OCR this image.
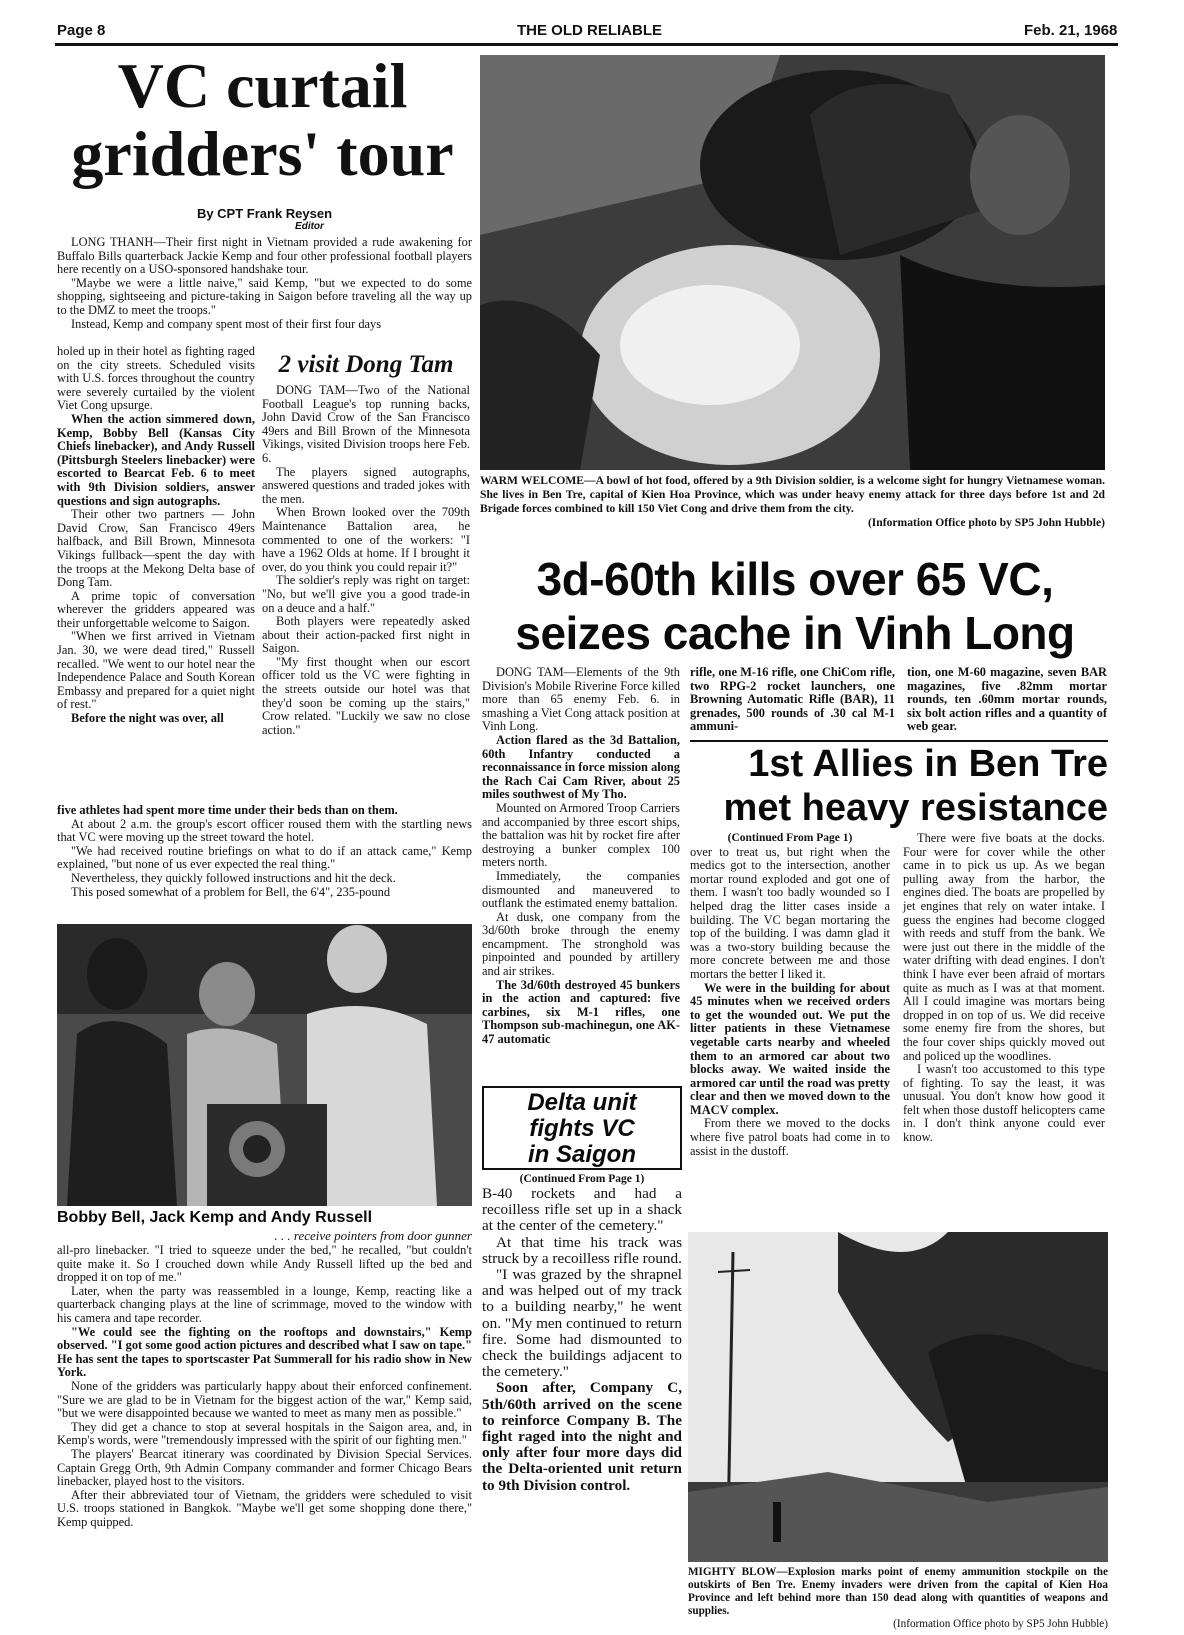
Page 8	THE OLD RELIABLE	Feb. 21, 1968
VC curtail
gridders' tour
By CPT Frank Reysen
Editor

LONG THANH—Their first night in Vietnam provided a rude awakening for Buffalo Bills quarterback Jackie Kemp and four other professional football players here recently on a USO-sponsored handshake tour.

"Maybe we were a little naive," said Kemp, "but we expected to do some shopping, sightseeing and picture-taking in Saigon before traveling all the way up to the DMZ to meet the troops."

Instead, Kemp and company spent most of their first four days

holed up in their hotel as fighting raged on the city streets. Scheduled visits with U.S. forces throughout the country were severely curtailed by the violent Viet Cong upsurge.

When the action simmered down, Kemp, Bobby Bell (Kansas City Chiefs linebacker), and Andy Russell (Pittsburgh Steelers linebacker) were escorted to Bearcat Feb. 6 to meet with 9th Division soldiers, answer questions and sign autographs.

Their other two partners — John David Crow, San Francisco 49ers halfback, and Bill Brown, Minnesota Vikings fullback—spent the day with the troops at the Mekong Delta base of Dong Tam.

A prime topic of conversation wherever the gridders appeared was their unforgettable welcome to Saigon.

"When we first arrived in Vietnam Jan. 30, we were dead tired," Russell recalled. "We went to our hotel near the Independence Palace and South Korean Embassy and prepared for a quiet night of rest."

Before the night was over, all

2 visit Dong Tam

DONG TAM—Two of the National Football League's top running backs, John David Crow of the San Francisco 49ers and Bill Brown of the Minnesota Vikings, visited Division troops here Feb. 6.

The players signed autographs, answered questions and traded jokes with the men.

When Brown looked over the 709th Maintenance Battalion area, he commented to one of the workers: "I have a 1962 Olds at home. If I brought it over, do you think you could repair it?"

The soldier's reply was right on target: "No, but we'll give you a good trade-in on a deuce and a half."

Both players were repeatedly asked about their action-packed first night in Saigon.

"My first thought when our escort officer told us the VC were fighting in the streets outside our hotel was that they'd soon be coming up the stairs," Crow related. "Luckily we saw no close action."

five athletes had spent more time under their beds than on them.

At about 2 a.m. the group's escort officer roused them with the startling news that VC were moving up the street toward the hotel.

"We had received routine briefings on what to do if an attack came," Kemp explained, "but none of us ever expected the real thing."

Nevertheless, they quickly followed instructions and hit the deck.

This posed somewhat of a problem for Bell, the 6'4", 235-pound

Bobby Bell, Jack Kemp and Andy Russell
. . . receive pointers from door gunner

all-pro linebacker. "I tried to squeeze under the bed," he recalled, "but couldn't quite make it. So I crouched down while Andy Russell lifted up the bed and dropped it on top of me."

Later, when the party was reassembled in a lounge, Kemp, reacting like a quarterback changing plays at the line of scrimmage, moved to the window with his camera and tape recorder.

"We could see the fighting on the rooftops and downstairs," Kemp observed. "I got some good action pictures and described what I saw on tape." He has sent the tapes to sportscaster Pat Summerall for his radio show in New York.

None of the gridders was particularly happy about their enforced confinement. "Sure we are glad to be in Vietnam for the biggest action of the war," Kemp said, "but we were disappointed because we wanted to meet as many men as possible."

They did get a chance to stop at several hospitals in the Saigon area, and, in Kemp's words, were "tremendously impressed with the spirit of our fighting men."

The players' Bearcat itinerary was coordinated by Division Special Services. Captain Gregg Orth, 9th Admin Company commander and former Chicago Bears linebacker, played host to the visitors.

After their abbreviated tour of Vietnam, the gridders were scheduled to visit U.S. troops stationed in Bangkok. "Maybe we'll get some shopping done there," Kemp quipped.

WARM WELCOME—A bowl of hot food, offered by a 9th Division soldier, is a welcome sight for hungry Vietnamese woman. She lives in Ben Tre, capital of Kien Hoa Province, which was under heavy enemy attack for three days before 1st and 2d Brigade forces combined to kill 150 Viet Cong and drive them from the city.
(Information Office photo by SP5 John Hubble)
3d-60th kills over 65 VC,
seizes cache in Vinh Long

DONG TAM—Elements of the 9th Division's Mobile Riverine Force killed more than 65 enemy Feb. 6. in smashing a Viet Cong attack position at Vinh Long.

Action flared as the 3d Battalion, 60th Infantry conducted a reconnaissance in force mission along the Rach Cai Cam River, about 25 miles southwest of My Tho.

Mounted on Armored Troop Carriers and accompanied by three escort ships, the battalion was hit by rocket fire after destroying a bunker complex 100 meters north.

Immediately, the companies dismounted and maneuvered to outflank the estimated enemy battalion.

At dusk, one company from the 3d/60th broke through the enemy encampment. The stronghold was pinpointed and pounded by artillery and air strikes.

The 3d/60th destroyed 45 bunkers in the action and captured: five carbines, six M-1 rifles, one Thompson sub-machinegun, one AK-47 automatic

rifle, one M-16 rifle, one ChiCom rifle, two RPG-2 rocket launchers, one Browning Automatic Rifle (BAR), 11 grenades, 500 rounds of .30 cal M-1 ammuni-

tion, one M-60 magazine, seven BAR magazines, five .82mm mortar rounds, ten .60mm mortar rounds, six bolt action rifles and a quantity of web gear.

1st Allies in Ben Tre
met heavy resistance
(Continued From Page 1)

over to treat us, but right when the medics got to the intersection, another mortar round exploded and got one of them. I wasn't too badly wounded so I helped drag the litter cases inside a building. The VC began mortaring the top of the building. I was damn glad it was a two-story building because the more concrete between me and those mortars the better I liked it.

We were in the building for about 45 minutes when we received orders to get the wounded out. We put the litter patients in these Vietnamese vegetable carts nearby and wheeled them to an armored car about two blocks away. We waited inside the armored car until the road was pretty clear and then we moved down to the MACV complex.

From there we moved to the docks where five patrol boats had come in to assist in the dustoff.

There were five boats at the docks. Four were for cover while the other came in to pick us up. As we began pulling away from the harbor, the engines died. The boats are propelled by jet engines that rely on water intake. I guess the engines had become clogged with reeds and stuff from the bank. We were just out there in the middle of the water drifting with dead engines. I don't think I have ever been afraid of mortars quite as much as I was at that moment. All I could imagine was mortars being dropped in on top of us. We did receive some enemy fire from the shores, but the four cover ships quickly moved out and policed up the woodlines.

I wasn't too accustomed to this type of fighting. To say the least, it was unusual. You don't know how good it felt when those dustoff helicopters came in. I don't think anyone could ever know.

Delta unit
fights VC
in Saigon
(Continued From Page 1)

B-40 rockets and had a recoilless rifle set up in a shack at the center of the cemetery."

At that time his track was struck by a recoilless rifle round.

"I was grazed by the shrapnel and was helped out of my track to a building nearby," he went on. "My men continued to return fire. Some had dismounted to check the buildings adjacent to the cemetery."

Soon after, Company C, 5th/60th arrived on the scene to reinforce Company B. The fight raged into the night and only after four more days did the Delta-oriented unit return to 9th Division control.

MIGHTY BLOW—Explosion marks point of enemy ammunition stockpile on the outskirts of Ben Tre. Enemy invaders were driven from the capital of Kien Hoa Province and left behind more than 150 dead along with quantities of weapons and supplies.
(Information Office photo by SP5 John Hubble)
